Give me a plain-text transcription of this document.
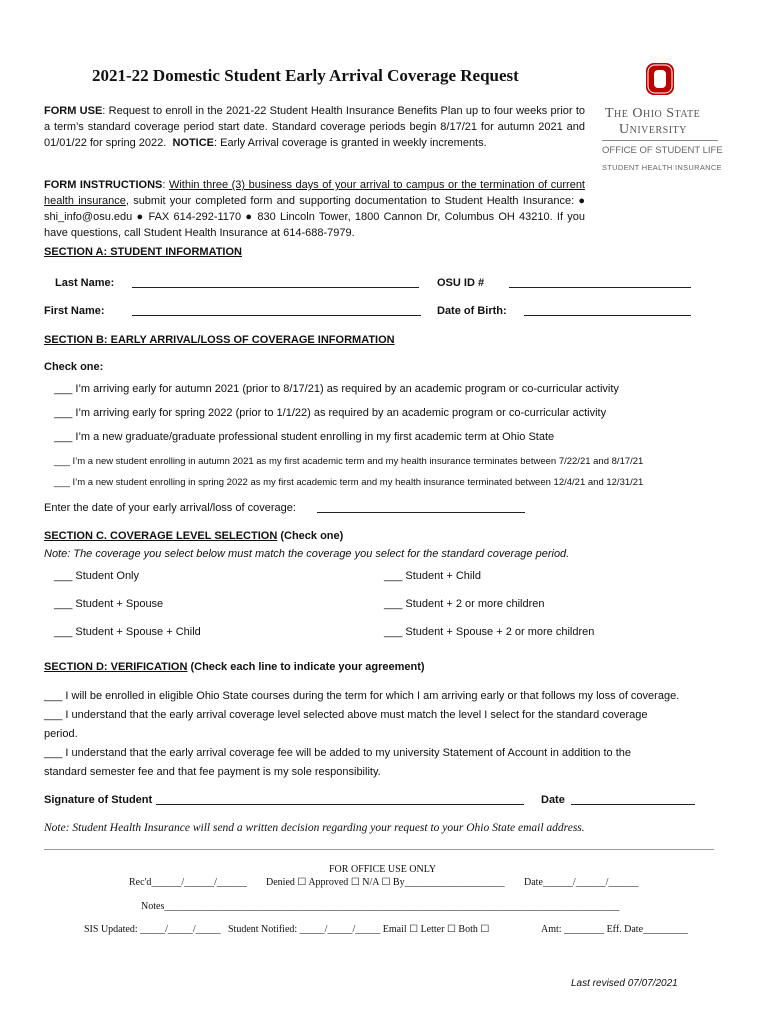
2021-22 Domestic Student Early Arrival Coverage Request
The Ohio State
University
OFFICE OF STUDENT LIFE
STUDENT HEALTH INSURANCE
FORM USE: Request to enroll in the 2021-22 Student Health Insurance Benefits Plan up to four weeks prior to a term’s standard coverage period start date. Standard coverage periods begin 8/17/21 for autumn 2021 and 01/01/22 for spring 2022. NOTICE: Early Arrival coverage is granted in weekly increments.
FORM INSTRUCTIONS: Within three (3) business days of your arrival to campus or the termination of current health insurance, submit your completed form and supporting documentation to Student Health Insurance: ● shi_info@osu.edu ● FAX 614-292-1170 ● 830 Lincoln Tower, 1800 Cannon Dr, Columbus OH 43210. If you have questions, call Student Health Insurance at 614-688-7979.
SECTION A: STUDENT INFORMATION
Last Name:	OSU ID #
First Name:	Date of Birth:
SECTION B: EARLY ARRIVAL/LOSS OF COVERAGE INFORMATION
Check one:
___ I’m arriving early for autumn 2021 (prior to 8/17/21) as required by an academic program or co-curricular activity
___ I’m arriving early for spring 2022 (prior to 1/1/22) as required by an academic program or co-curricular activity
___ I’m a new graduate/graduate professional student enrolling in my first academic term at Ohio State
___ I’m a new student enrolling in autumn 2021 as my first academic term and my health insurance terminates between 7/22/21 and 8/17/21
___ I’m a new student enrolling in spring 2022 as my first academic term and my health insurance terminated between 12/4/21 and 12/31/21
Enter the date of your early arrival/loss of coverage:
SECTION C. COVERAGE LEVEL SELECTION (Check one)
Note: The coverage you select below must match the coverage you select for the standard coverage period.
___ Student Only	___ Student + Child
___ Student + Spouse	___ Student + 2 or more children
___ Student + Spouse + Child	___ Student + Spouse + 2 or more children
SECTION D: VERIFICATION (Check each line to indicate your agreement)
___ I will be enrolled in eligible Ohio State courses during the term for which I am arriving early or that follows my loss of coverage.
___ I understand that the early arrival coverage level selected above must match the level I select for the standard coverage
period.
___ I understand that the early arrival coverage fee will be added to my university Statement of Account in addition to the
standard semester fee and that fee payment is my sole responsibility.
Signature of Student	Date
Note: Student Health Insurance will send a written decision regarding your request to your Ohio State email address.
FOR OFFICE USE ONLY
Rec'd______/______/______ Denied ☐ Approved ☐ N/A ☐ By____________________ Date______/______/______
Notes___________________________________________________________________________________________
SIS Updated: _____/_____/_____ Student Notified: _____/_____/_____ Email ☐ Letter ☐ Both ☐	Amt: ________ Eff. Date_________
Last revised 07/07/2021
